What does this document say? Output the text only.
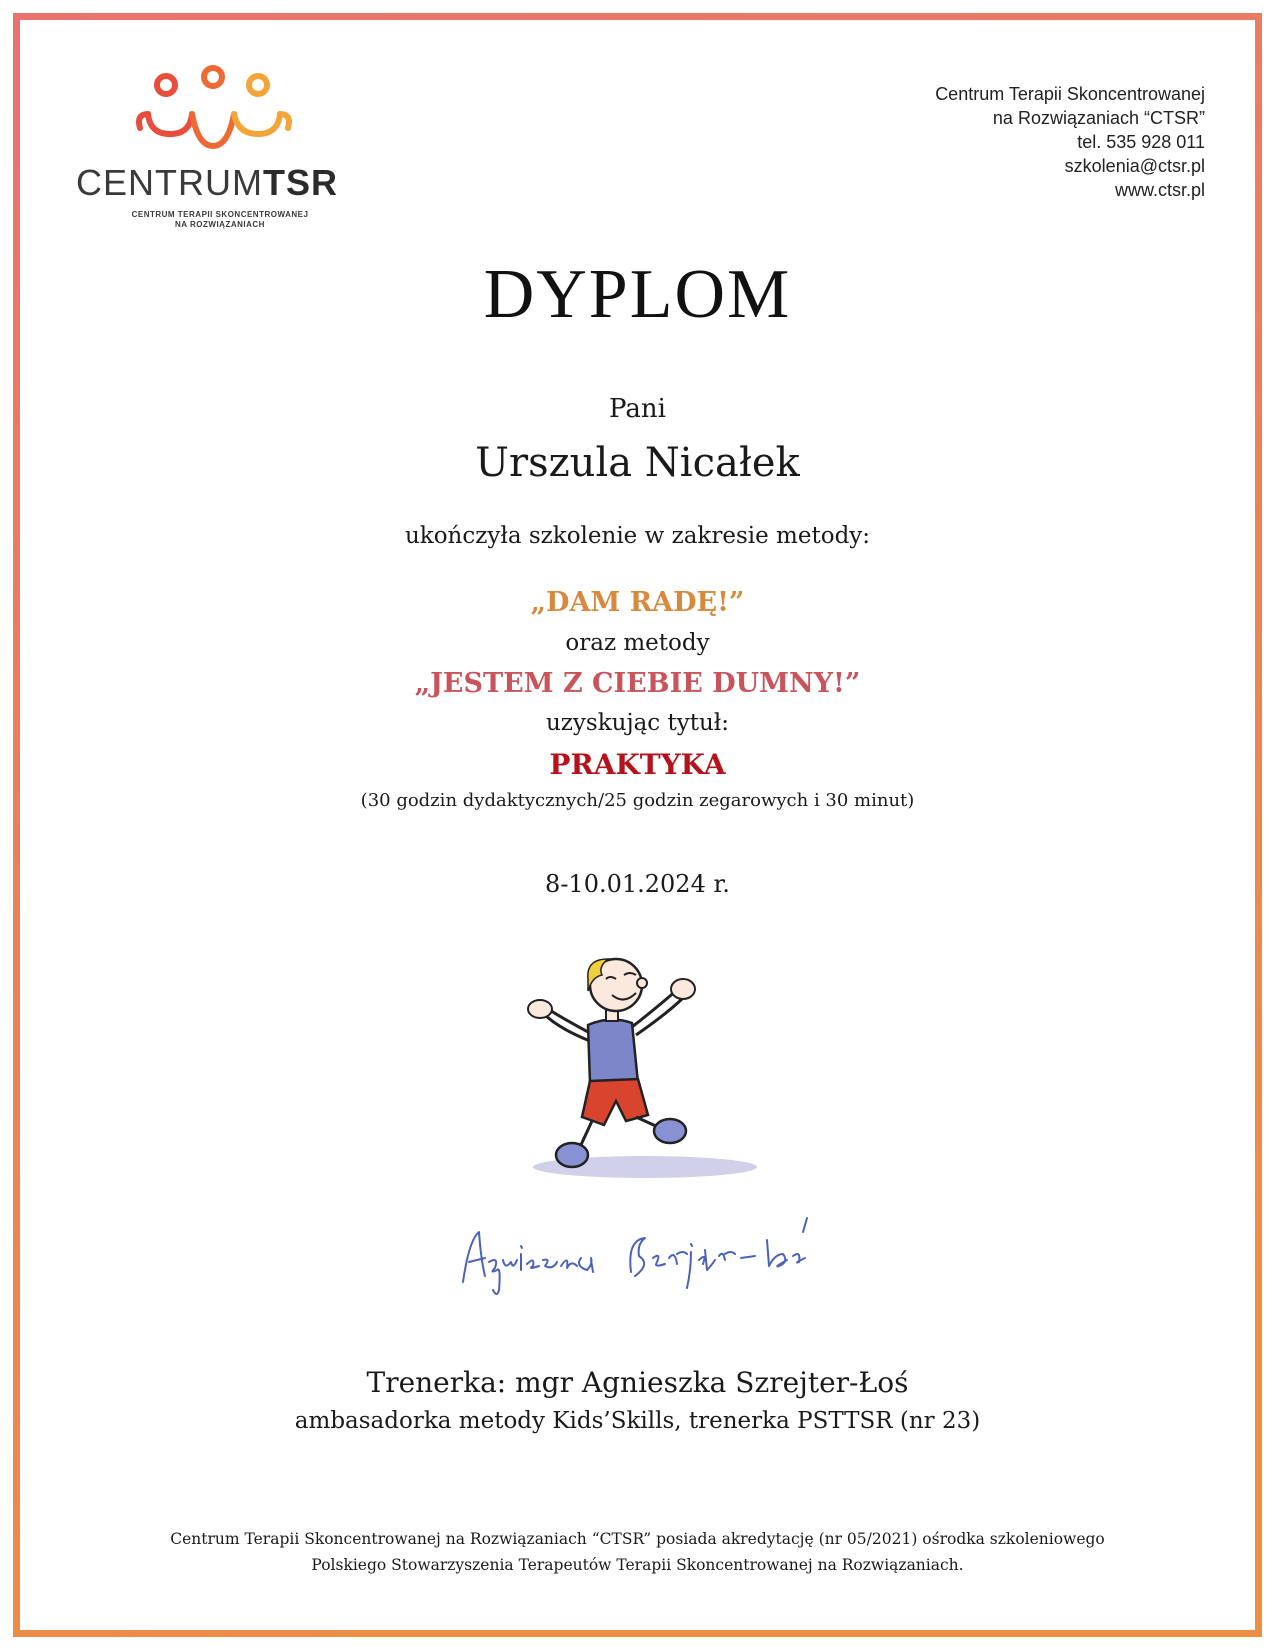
CENTRUMTSR
CENTRUM TERAPII SKONCENTROWANEJ
NA ROZWIĄZANIACH
Centrum Terapii Skoncentrowanej
na Rozwiązaniach “CTSR”
tel. 535 928 011
szkolenia@ctsr.pl
www.ctsr.pl
DYPLOM
Pani
Urszula Nicałek
ukończyła szkolenie w zakresie metody:
„DAM RADĘ!”
oraz metody
„JESTEM Z CIEBIE DUMNY!”
uzyskując tytuł:
PRAKTYKA
(30 godzin dydaktycznych/25 godzin zegarowych i 30 minut)
8-10.01.2024 r.
Trenerka: mgr Agnieszka Szrejter-Łoś
ambasadorka metody Kids’Skills, trenerka PSTTSR (nr 23)
Centrum Terapii Skoncentrowanej na Rozwiązaniach “CTSR” posiada akredytację (nr 05/2021) ośrodka szkoleniowego
Polskiego Stowarzyszenia Terapeutów Terapii Skoncentrowanej na Rozwiązaniach.
